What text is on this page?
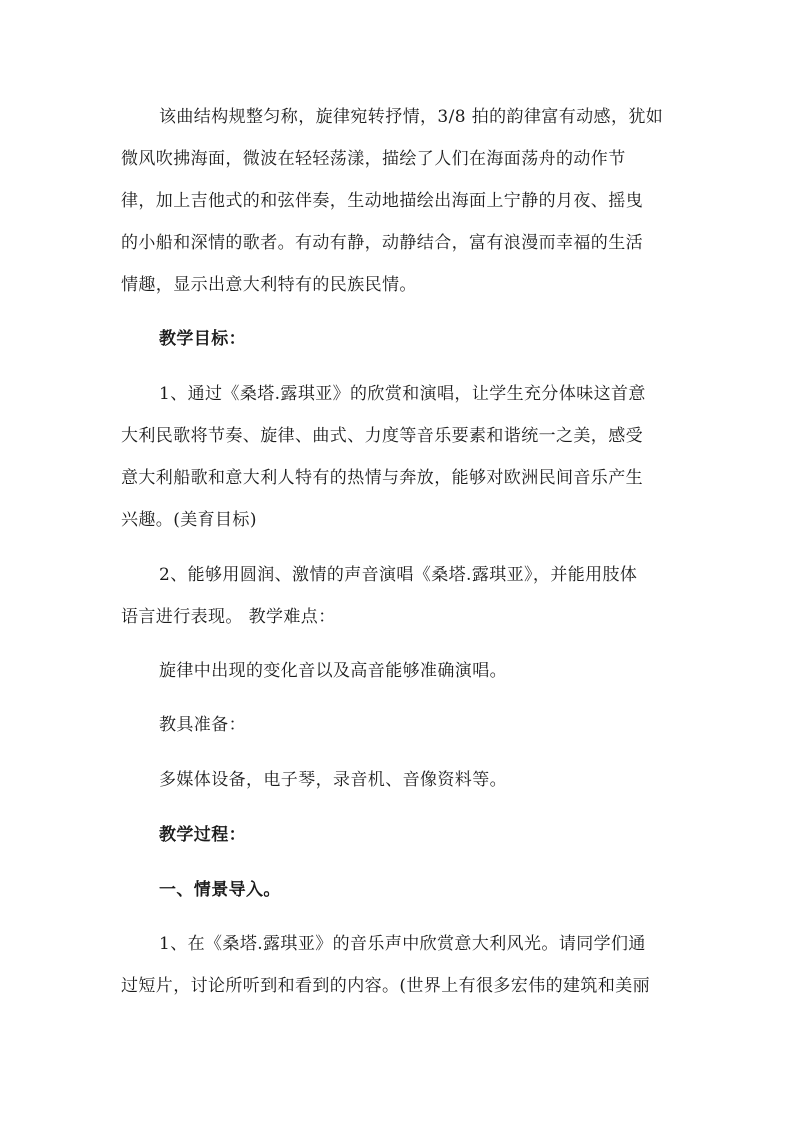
该曲结构规整匀称，旋律宛转抒情，3/8 拍的韵律富有动感，犹如
微风吹拂海面，微波在轻轻荡漾，描绘了人们在海面荡舟的动作节
律，加上吉他式的和弦伴奏，生动地描绘出海面上宁静的月夜、摇曳
的小船和深情的歌者。有动有静，动静结合，富有浪漫而幸福的生活
情趣，显示出意大利特有的民族民情。
教学目标：
1、通过《桑塔.露琪亚》的欣赏和演唱，让学生充分体味这首意
大利民歌将节奏、旋律、曲式、力度等音乐要素和谐统一之美，感受
意大利船歌和意大利人特有的热情与奔放，能够对欧洲民间音乐产生
兴趣。(美育目标)
2、能够用圆润、激情的声音演唱《桑塔.露琪亚》，并能用肢体
语言进行表现。 教学难点：
旋律中出现的变化音以及高音能够准确演唱。
教具准备：
多媒体设备，电子琴，录音机、音像资料等。
教学过程：
一、情景导入。
1、在《桑塔.露琪亚》的音乐声中欣赏意大利风光。请同学们通
过短片，讨论所听到和看到的内容。(世界上有很多宏伟的建筑和美丽
